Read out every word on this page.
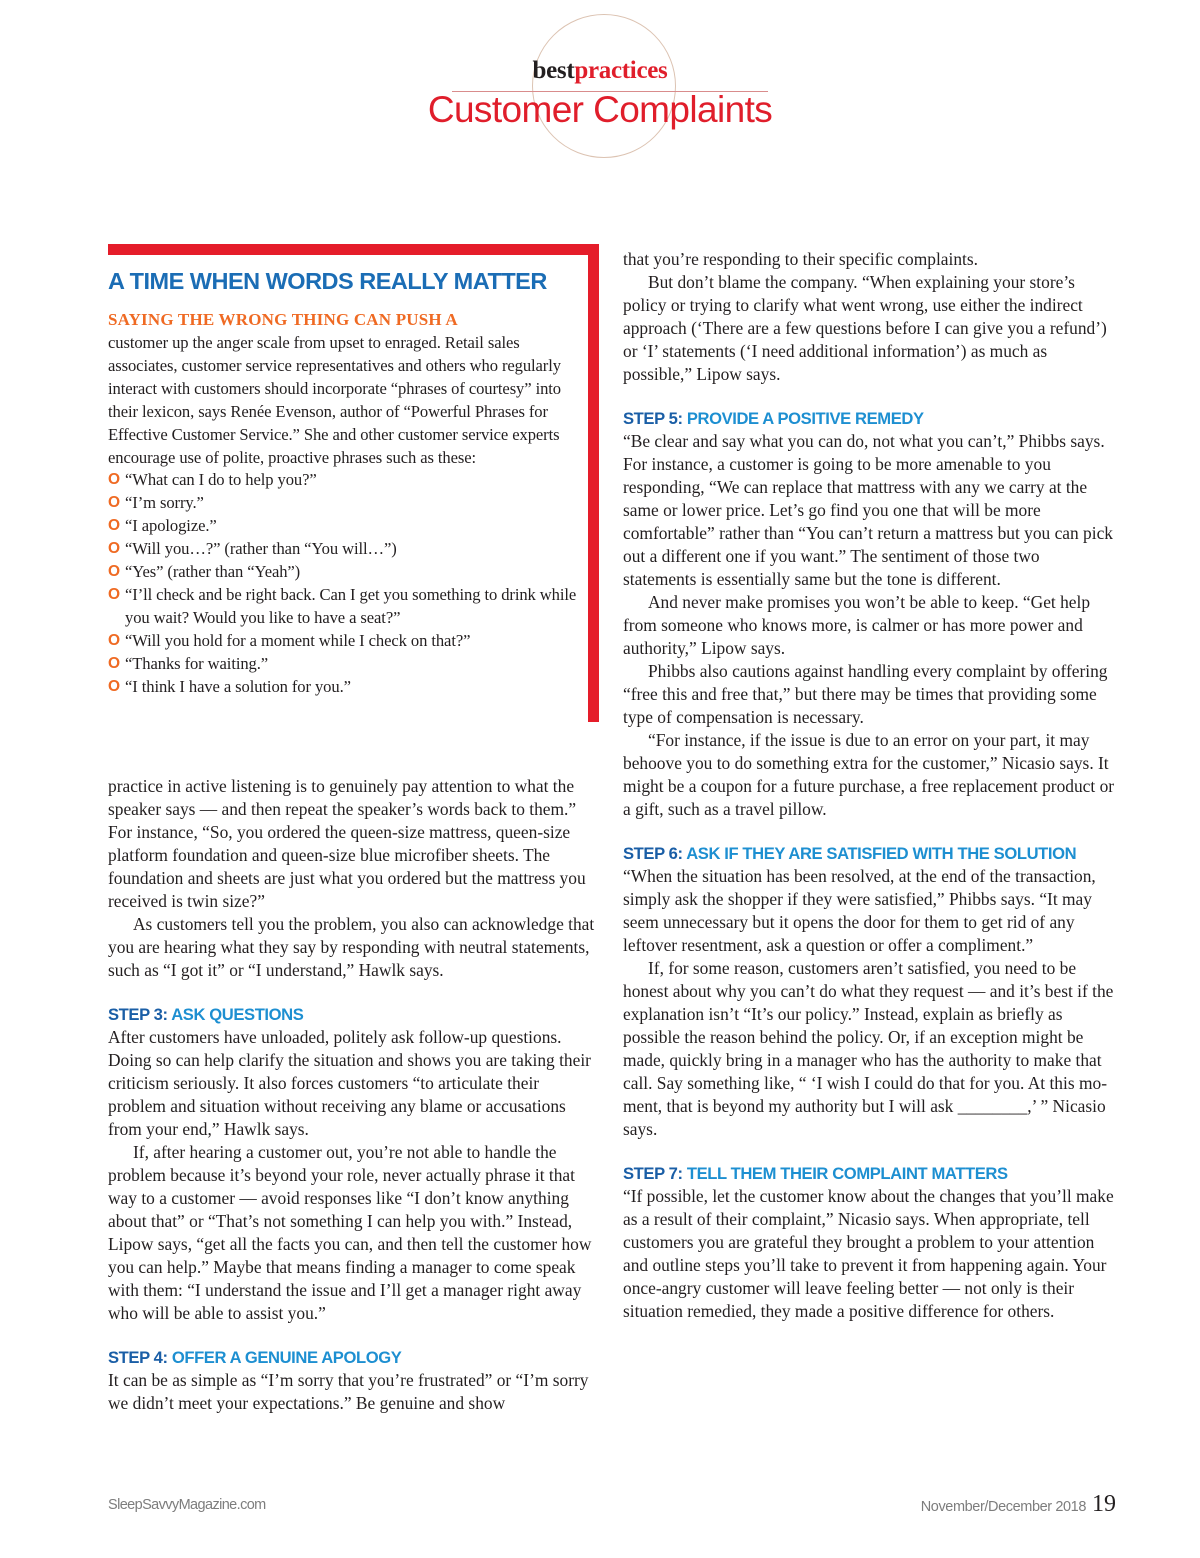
bestpractices
Customer Complaints
A TIME WHEN WORDS REALLY MATTER
SAYING THE WRONG THING CAN PUSH A
customer up the anger scale from upset to enraged. Retail sales associates, customer service representatives and others who regularly interact with customers should incorporate “phrases of courtesy” into their lexicon, says Renée Evenson, author of “Powerful Phrases for Effective Customer Service.” She and other customer service experts encourage use of polite, proactive phrases such as these:
O “What can I do to help you?”
O “I’m sorry.”
O “I apologize.”
O “Will you…?” (rather than “You will…”)
O “Yes” (rather than “Yeah”)
O “I’ll check and be right back. Can I get you something to drink while you wait? Would you like to have a seat?”
O “Will you hold for a moment while I check on that?”
O “Thanks for waiting.”
O “I think I have a solution for you.”

practice in active listening is to genuinely pay attention to what the speaker says — and then repeat the speaker’s words back to them.” For instance, “So, you ordered the queen-size mattress, queen-size platform foundation and queen-size blue microfiber sheets. The foundation and sheets are just what you ordered but the mattress you received is twin size?”

As customers tell you the problem, you also can acknowledge that you are hearing what they say by responding with neutral statements, such as “I got it” or “I understand,” Hawlk says.

STEP 3: ASK QUESTIONS

After customers have unloaded, politely ask follow-up questions. Doing so can help clarify the situation and shows you are taking their criticism seriously. It also forces customers “to articulate their problem and situation without receiving any blame or accusations from your end,” Hawlk says.

If, after hearing a customer out, you’re not able to handle the problem because it’s beyond your role, never actually phrase it that way to a customer — avoid responses like “I don’t know anything about that” or “That’s not something I can help you with.” Instead, Lipow says, “get all the facts you can, and then tell the customer how you can help.” Maybe that means finding a manager to come speak with them: “I understand the issue and I’ll get a manager right away who will be able to assist you.”

STEP 4: OFFER A GENUINE APOLOGY

It can be as simple as “I’m sorry that you’re frustrated” or “I’m sorry we didn’t meet your expectations.” Be genuine and show

that you’re responding to their specific complaints.

But don’t blame the company. “When explaining your store’s policy or trying to clarify what went wrong, use either the indirect approach (‘There are a few questions before I can give you a refund’) or ‘I’ statements (‘I need additional information’) as much as possible,” Lipow says.

STEP 5: PROVIDE A POSITIVE REMEDY

“Be clear and say what you can do, not what you can’t,” Phibbs says. For instance, a customer is going to be more amenable to you responding, “We can replace that mattress with any we carry at the same or lower price. Let’s go find you one that will be more comfortable” rather than “You can’t return a mattress but you can pick out a different one if you want.” The sentiment of those two statements is essentially same but the tone is different.

And never make promises you won’t be able to keep. “Get help from someone who knows more, is calmer or has more power and authority,” Lipow says.

Phibbs also cautions against handling every complaint by offering “free this and free that,” but there may be times that providing some type of compensation is necessary.

“For instance, if the issue is due to an error on your part, it may behoove you to do something extra for the customer,” Nicasio says. It might be a coupon for a future purchase, a free replacement product or a gift, such as a travel pillow.

STEP 6: ASK IF THEY ARE SATISFIED WITH THE SOLUTION

“When the situation has been resolved, at the end of the transaction, simply ask the shopper if they were satisfied,” Phibbs says. “It may seem unnecessary but it opens the door for them to get rid of any leftover resentment, ask a question or offer a compliment.”

If, for some reason, customers aren’t satisfied, you need to be honest about why you can’t do what they request — and it’s best if the explanation isn’t “It’s our policy.” Instead, explain as briefly as possible the reason behind the policy. Or, if an exception might be made, quickly bring in a manager who has the authority to make that call. Say something like, “ ‘I wish I could do that for you. At this moment, that is beyond my authority but I will ask ________,’ ” Nicasio says.

STEP 7: TELL THEM THEIR COMPLAINT MATTERS

“If possible, let the customer know about the changes that you’ll make as a result of their complaint,” Nicasio says. When appropriate, tell customers you are grateful they brought a problem to your attention and outline steps you’ll take to prevent it from happening again. Your once-angry customer will leave feeling better — not only is their situation remedied, they made a positive difference for others.

SleepSavvyMagazine.com	November/December 2018 19
